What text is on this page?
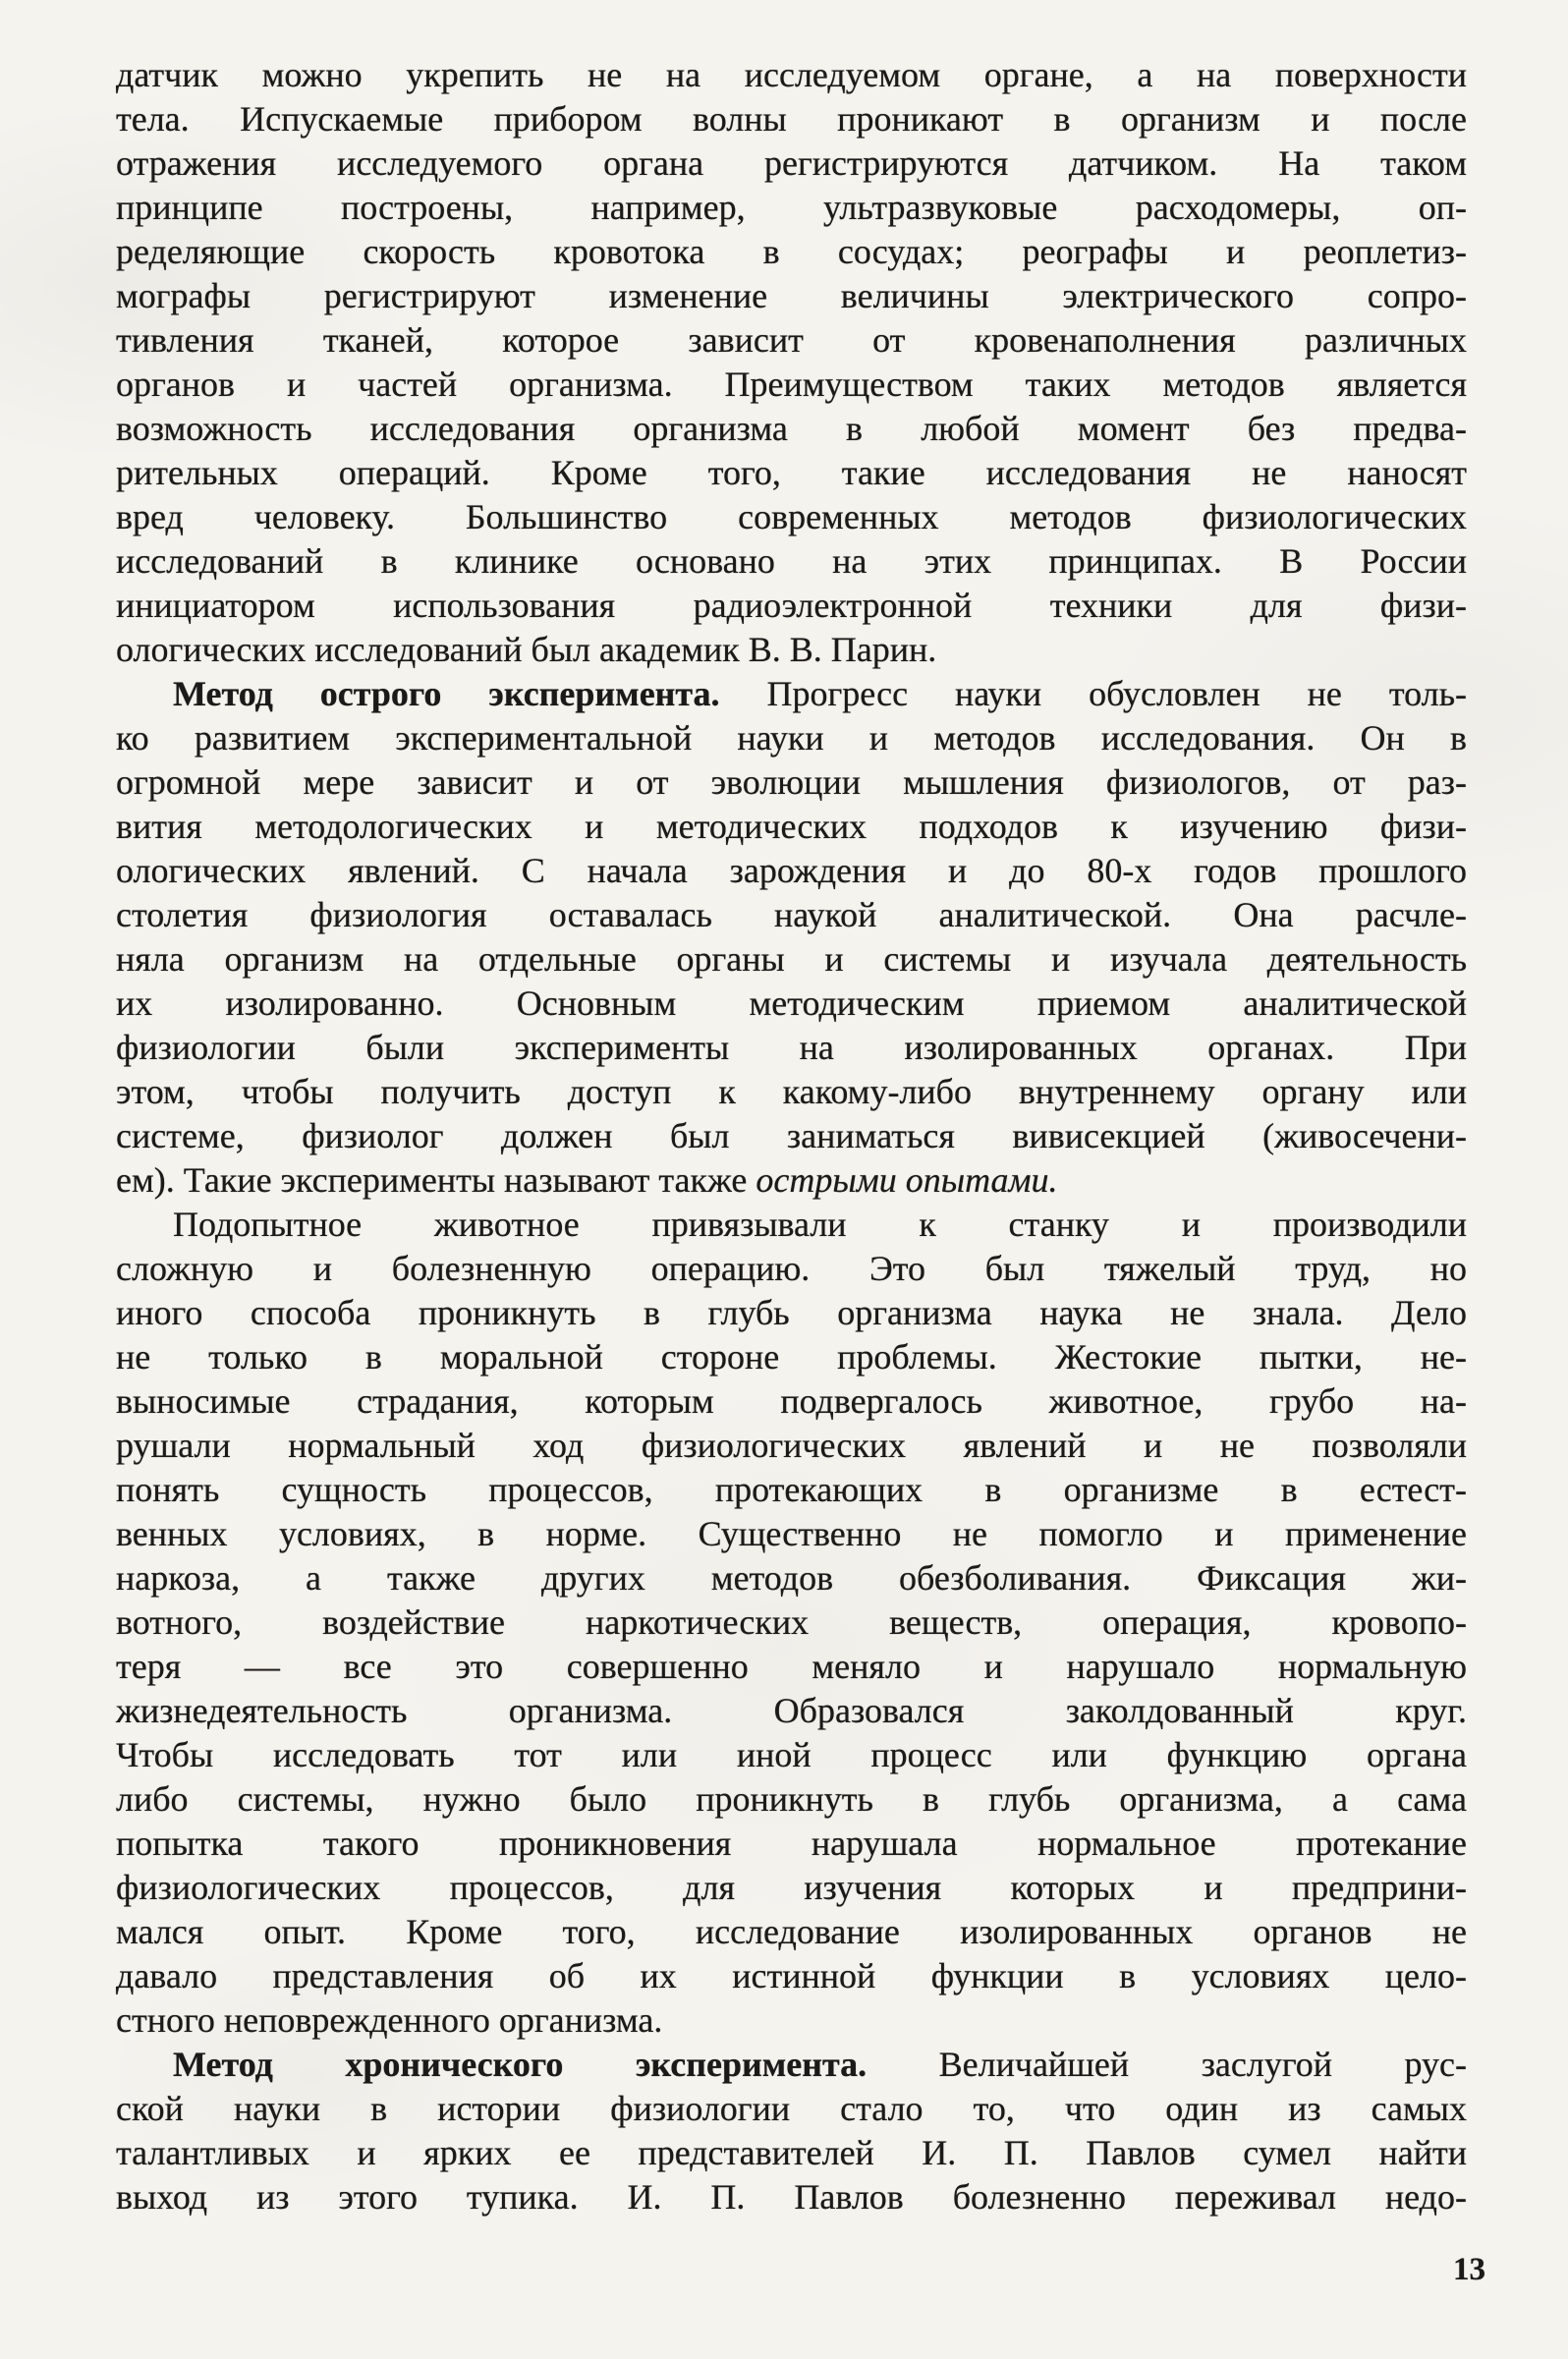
датчик можно укрепить не на исследуемом органе, а на поверхности
тела. Испускаемые прибором волны проникают в организм и после
отражения исследуемого органа регистрируются датчиком. На таком
принципе построены, например, ультразвуковые расходомеры, оп-
ределяющие скорость кровотока в сосудах; реографы и реоплетиз-
мографы регистрируют изменение величины электрического сопро-
тивления тканей, которое зависит от кровенаполнения различных
органов и частей организма. Преимуществом таких методов является
возможность исследования организма в любой момент без предва-
рительных операций. Кроме того, такие исследования не наносят
вред человеку. Большинство современных методов физиологических
исследований в клинике основано на этих принципах. В России
инициатором использования радиоэлектронной техники для физи-
ологических исследований был академик В. В. Парин.
Метод острого эксперимента. Прогресс науки обусловлен не толь-
ко развитием экспериментальной науки и методов исследования. Он в
огромной мере зависит и от эволюции мышления физиологов, от раз-
вития методологических и методических подходов к изучению физи-
ологических явлений. С начала зарождения и до 80-х годов прошлого
столетия физиология оставалась наукой аналитической. Она расчле-
няла организм на отдельные органы и системы и изучала деятельность
их изолированно. Основным методическим приемом аналитической
физиологии были эксперименты на изолированных органах. При
этом, чтобы получить доступ к какому-либо внутреннему органу или
системе, физиолог должен был заниматься вивисекцией (живосечени-
ем). Такие эксперименты называют также острыми опытами.
Подопытное животное привязывали к станку и производили
сложную и болезненную операцию. Это был тяжелый труд, но
иного способа проникнуть в глубь организма наука не знала. Дело
не только в моральной стороне проблемы. Жестокие пытки, не-
выносимые страдания, которым подвергалось животное, грубо на-
рушали нормальный ход физиологических явлений и не позволяли
понять сущность процессов, протекающих в организме в естест-
венных условиях, в норме. Существенно не помогло и применение
наркоза, а также других методов обезболивания. Фиксация жи-
вотного, воздействие наркотических веществ, операция, кровопо-
теря — все это совершенно меняло и нарушало нормальную
жизнедеятельность организма. Образовался заколдованный круг.
Чтобы исследовать тот или иной процесс или функцию органа
либо системы, нужно было проникнуть в глубь организма, а сама
попытка такого проникновения нарушала нормальное протекание
физиологических процессов, для изучения которых и предприни-
мался опыт. Кроме того, исследование изолированных органов не
давало представления об их истинной функции в условиях цело-
стного неповрежденного организма.
Метод хронического эксперимента. Величайшей заслугой рус-
ской науки в истории физиологии стало то, что один из самых
талантливых и ярких ее представителей И. П. Павлов сумел найти
выход из этого тупика. И. П. Павлов болезненно переживал недо-
13
